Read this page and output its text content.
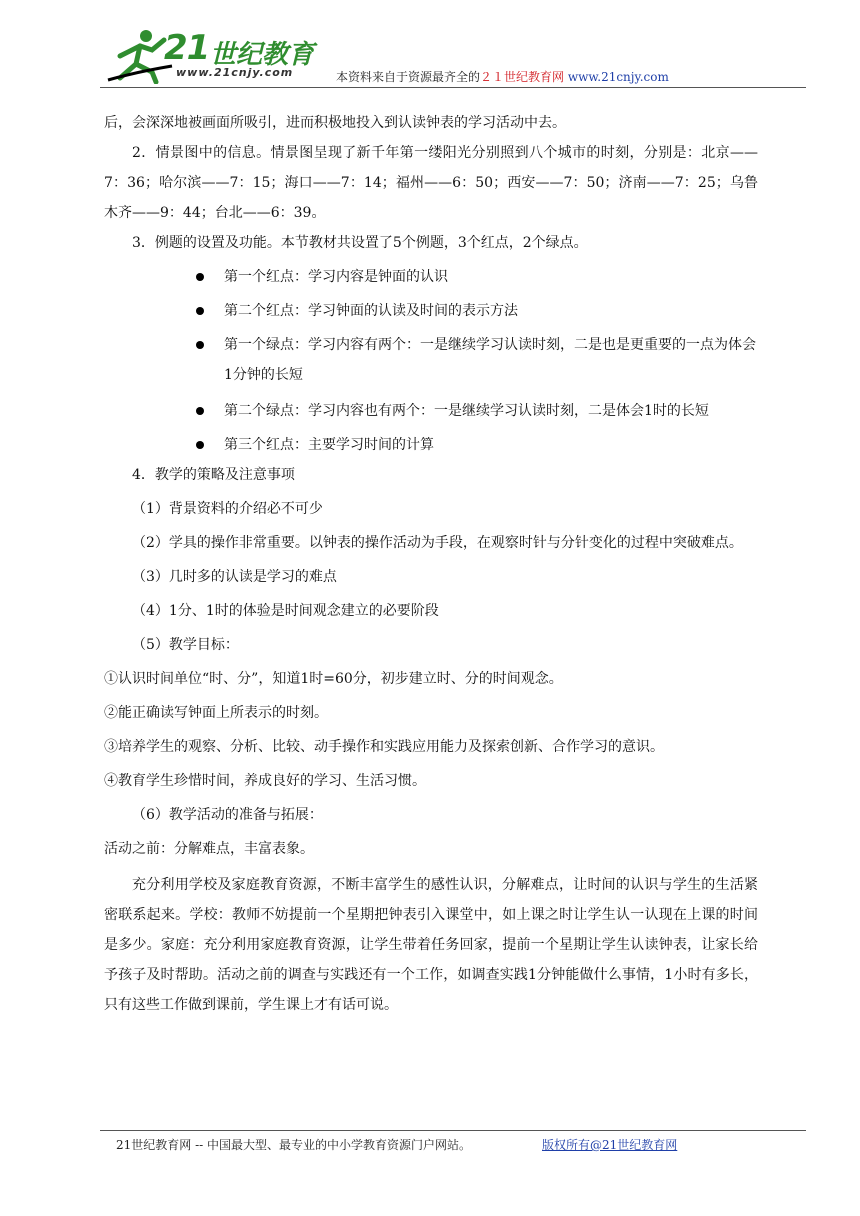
21 世纪教育
www.21cnjy.com	本资料来自于资源最齐全的２１世纪教育网 www.21cnjy.com

后，会深深地被画面所吸引，进而积极地投入到认读钟表的学习活动中去。

2．情景图中的信息。情景图呈现了新千年第一缕阳光分别照到八个城市的时刻，分别是：北京——7：36；哈尔滨——7：15；海口——7：14；福州——6：50；西安——7：50；济南——7：25；乌鲁木齐——9：44；台北——6：39。

3．例题的设置及功能。本节教材共设置了5个例题，3个红点，2个绿点。

第一个红点：学习内容是钟面的认识

第二个红点：学习钟面的认读及时间的表示方法

第一个绿点：学习内容有两个：一是继续学习认读时刻，二是也是更重要的一点为体会1分钟的长短

第二个绿点：学习内容也有两个：一是继续学习认读时刻，二是体会1时的长短

第三个红点：主要学习时间的计算

4．教学的策略及注意事项

（1）背景资料的介绍必不可少

（2）学具的操作非常重要。以钟表的操作活动为手段，在观察时针与分针变化的过程中突破难点。

（3）几时多的认读是学习的难点

（4）1分、1时的体验是时间观念建立的必要阶段

（5）教学目标：

①认识时间单位“时、分”，知道1时=60分，初步建立时、分的时间观念。

②能正确读写钟面上所表示的时刻。

③培养学生的观察、分析、比较、动手操作和实践应用能力及探索创新、合作学习的意识。

④教育学生珍惜时间，养成良好的学习、生活习惯。

（6）教学活动的准备与拓展：

活动之前：分解难点，丰富表象。

充分利用学校及家庭教育资源，不断丰富学生的感性认识，分解难点，让时间的认识与学生的生活紧密联系起来。学校：教师不妨提前一个星期把钟表引入课堂中，如上课之时让学生认一认现在上课的时间是多少。家庭：充分利用家庭教育资源，让学生带着任务回家，提前一个星期让学生认读钟表，让家长给予孩子及时帮助。活动之前的调查与实践还有一个工作，如调查实践1分钟能做什么事情，1小时有多长，只有这些工作做到课前，学生课上才有话可说。

21世纪教育网 -- 中国最大型、最专业的中小学教育资源门户网站。	版权所有@21世纪教育网
